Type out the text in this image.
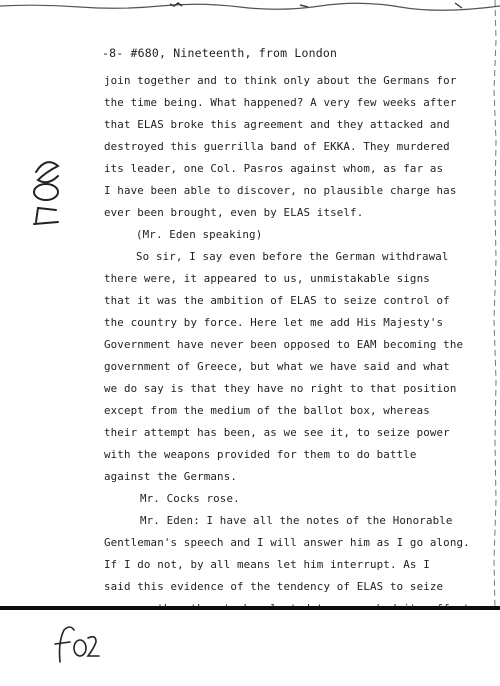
-8- #680, Nineteenth, from London
join together and to think only about the Germans for
the time being. What happened? A very few weeks after
that ELAS broke this agreement and they attacked and
destroyed this guerrilla band of EKKA. They murdered
its leader, one Col. Pasros against whom, as far as
I have been able to discover, no plausible charge has
ever been brought, even by ELAS itself.
(Mr. Eden speaking)
So sir, I say even before the German withdrawal
there were, it appeared to us, unmistakable signs
that it was the ambition of ELAS to seize control of
the country by force. Here let me add His Majesty's
Government have never been opposed to EAM becoming the
government of Greece, but what we have said and what
we do say is that they have no right to that position
except from the medium of the ballot box, whereas
their attempt has been, as we see it, to seize power
with the weapons provided for them to do battle
against the Germans.
Mr. Cocks rose.
Mr. Eden: I have all the notes of the Honorable
Gentleman's speech and I will answer him as I go along.
If I do not, by all means let him interrupt. As I
said this evidence of the tendency of ELAS to seize
